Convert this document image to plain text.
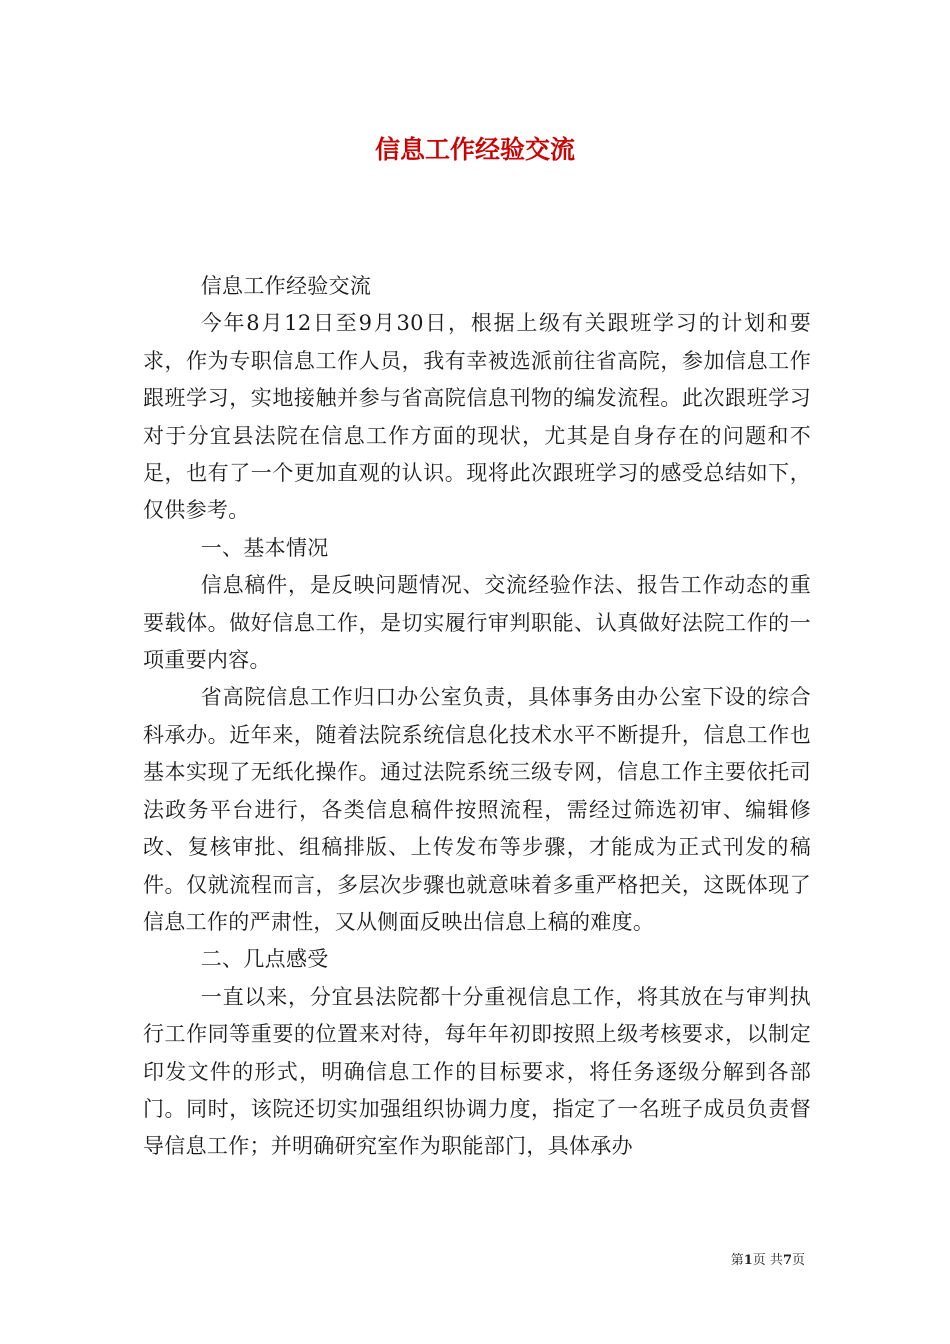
信息工作经验交流

信息工作经验交流

今年8月12日至9月30日，根据上级有关跟班学习的计划和要求，作为专职信息工作人员，我有幸被选派前往省高院，参加信息工作跟班学习，实地接触并参与省高院信息刊物的编发流程。此次跟班学习对于分宜县法院在信息工作方面的现状，尤其是自身存在的问题和不足，也有了一个更加直观的认识。现将此次跟班学习的感受总结如下，仅供参考。

一、基本情况

信息稿件，是反映问题情况、交流经验作法、报告工作动态的重要载体。做好信息工作，是切实履行审判职能、认真做好法院工作的一项重要内容。

省高院信息工作归口办公室负责，具体事务由办公室下设的综合科承办。近年来，随着法院系统信息化技术水平不断提升，信息工作也基本实现了无纸化操作。通过法院系统三级专网，信息工作主要依托司法政务平台进行，各类信息稿件按照流程，需经过筛选初审、编辑修改、复核审批、组稿排版、上传发布等步骤，才能成为正式刊发的稿件。仅就流程而言，多层次步骤也就意味着多重严格把关，这既体现了信息工作的严肃性，又从侧面反映出信息上稿的难度。

二、几点感受

一直以来，分宜县法院都十分重视信息工作，将其放在与审判执行工作同等重要的位置来对待，每年年初即按照上级考核要求，以制定印发文件的形式，明确信息工作的目标要求，将任务逐级分解到各部门。同时，该院还切实加强组织协调力度，指定了一名班子成员负责督导信息工作；并明确研究室作为职能部门，具体承办

第1页 共7页
